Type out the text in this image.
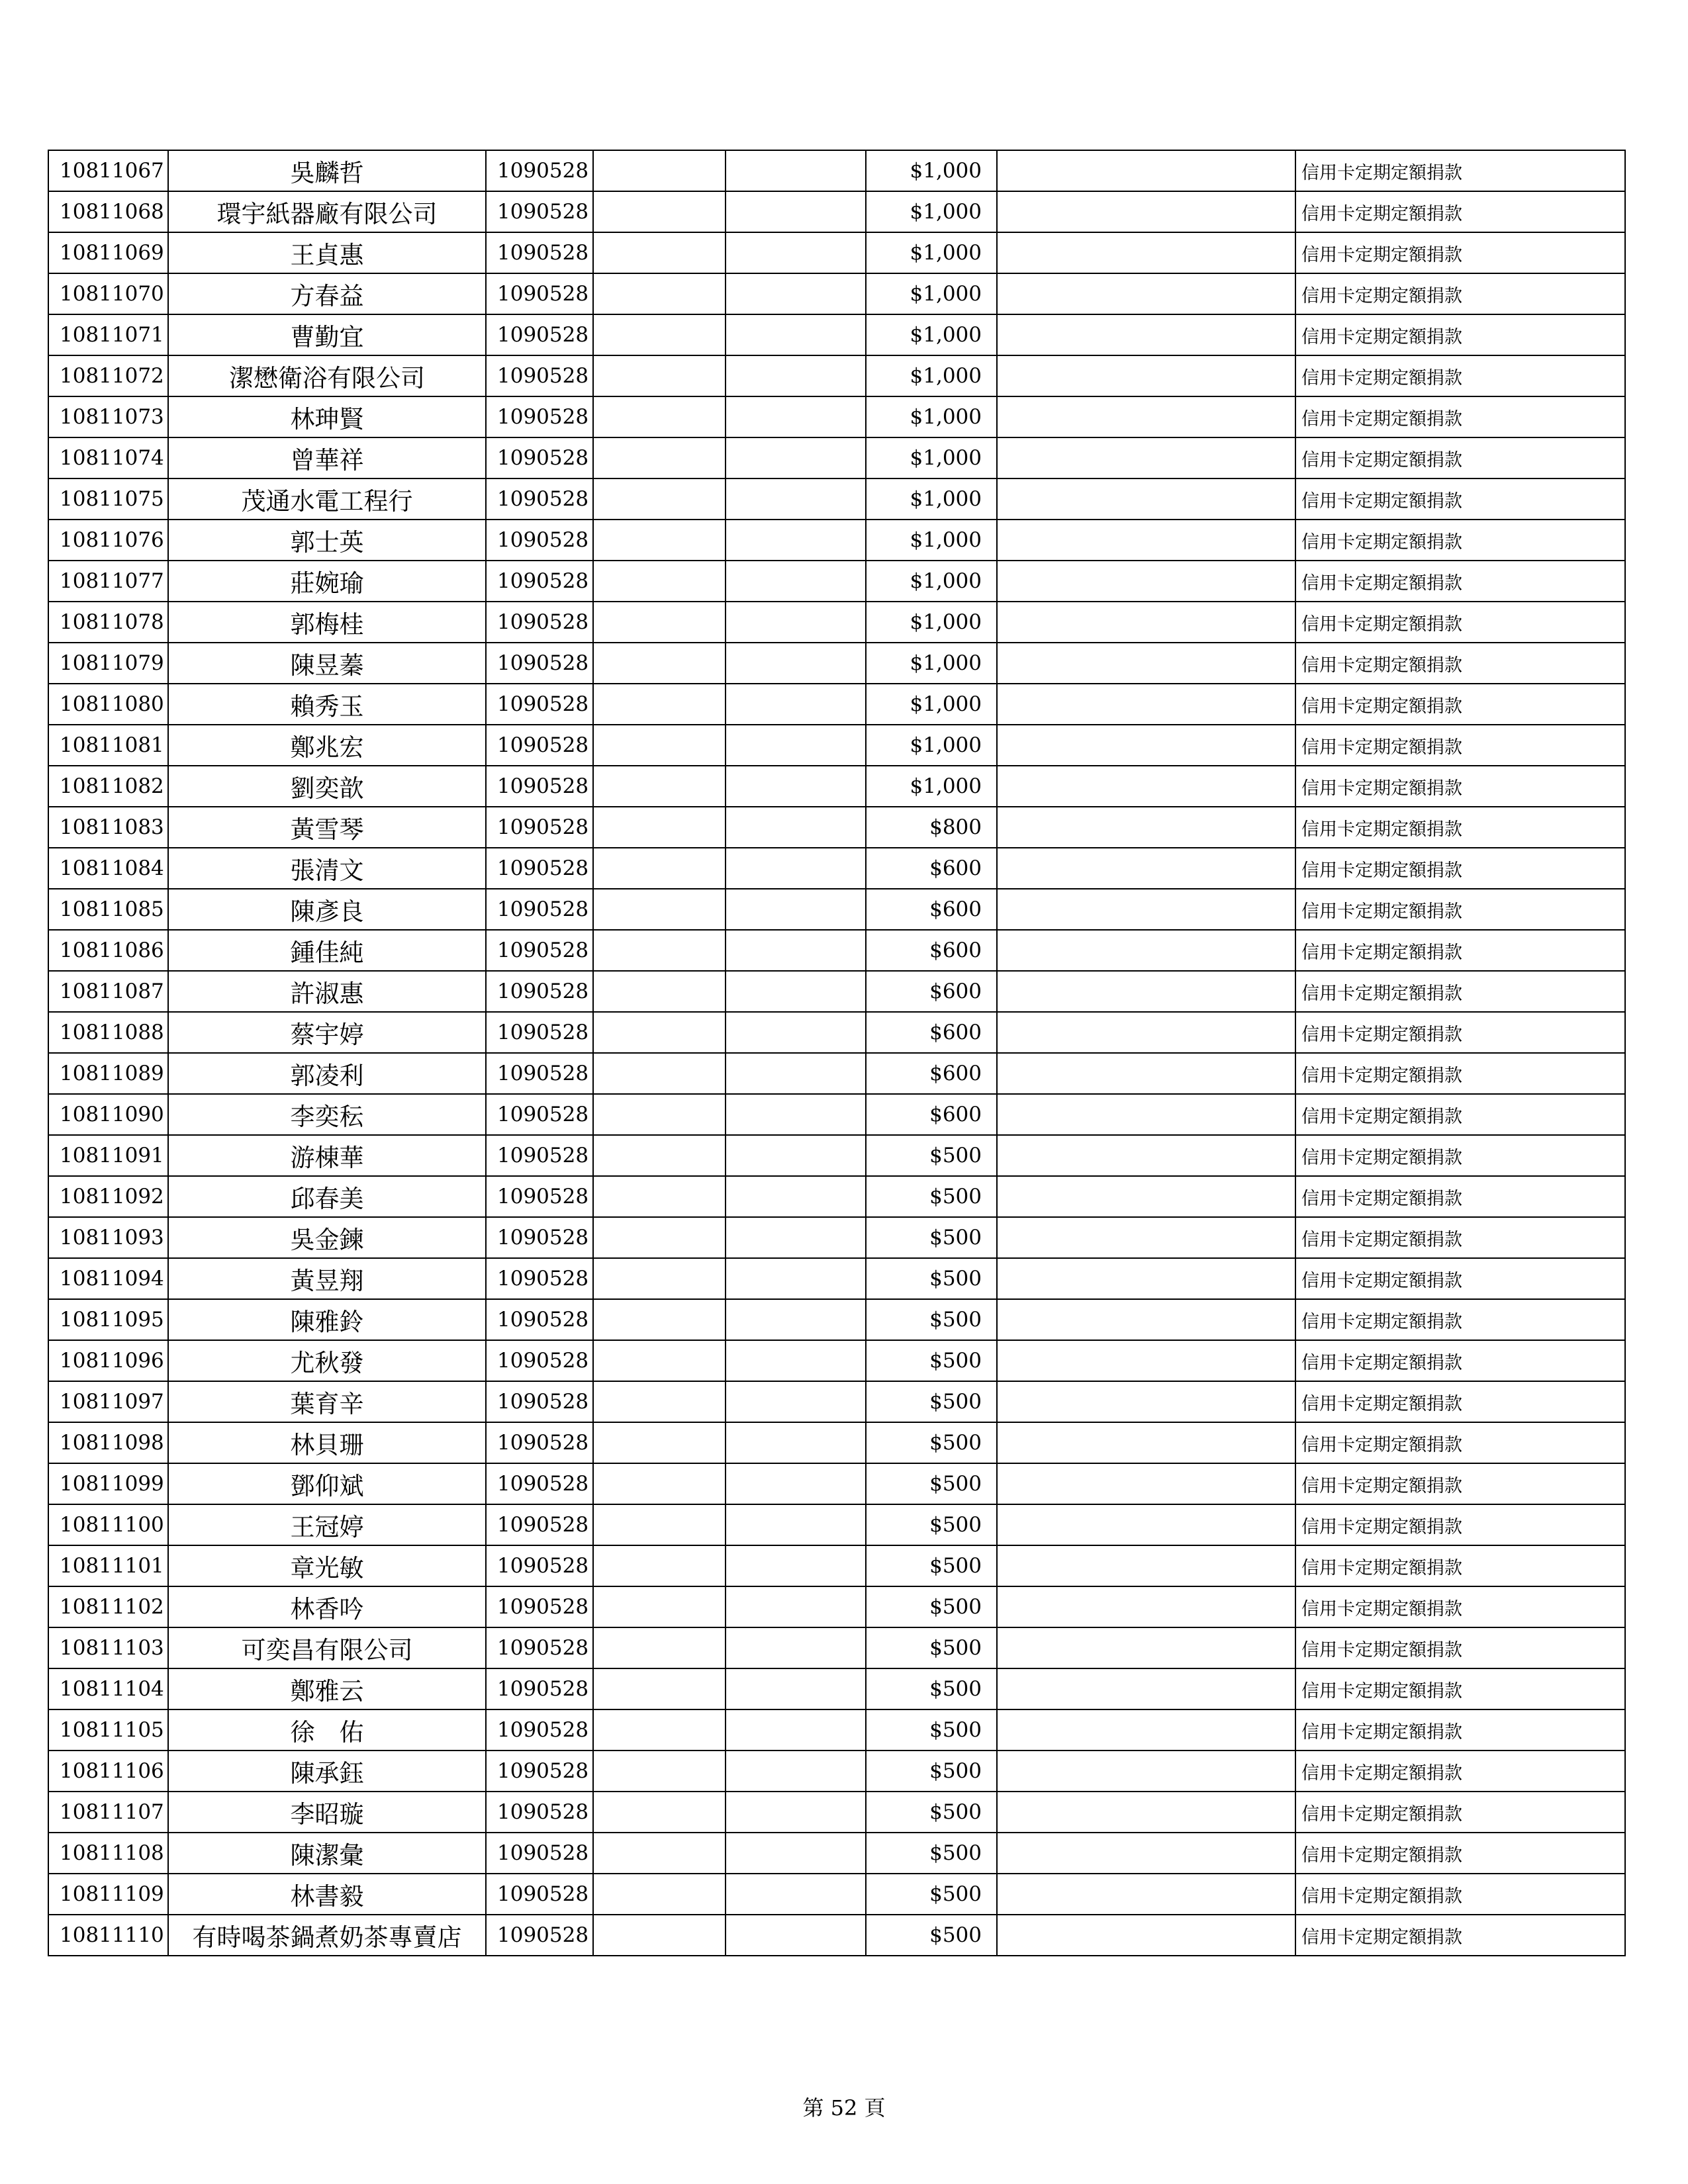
10811067	吳麟哲	1090528			$1,000		信用卡定期定額捐款
10811068	環宇紙器廠有限公司	1090528			$1,000		信用卡定期定額捐款
10811069	王貞惠	1090528			$1,000		信用卡定期定額捐款
10811070	方春益	1090528			$1,000		信用卡定期定額捐款
10811071	曹勤宜	1090528			$1,000		信用卡定期定額捐款
10811072	潔懋衛浴有限公司	1090528			$1,000		信用卡定期定額捐款
10811073	林珅賢	1090528			$1,000		信用卡定期定額捐款
10811074	曾華祥	1090528			$1,000		信用卡定期定額捐款
10811075	茂通水電工程行	1090528			$1,000		信用卡定期定額捐款
10811076	郭士英	1090528			$1,000		信用卡定期定額捐款
10811077	莊婉瑜	1090528			$1,000		信用卡定期定額捐款
10811078	郭梅桂	1090528			$1,000		信用卡定期定額捐款
10811079	陳昱蓁	1090528			$1,000		信用卡定期定額捐款
10811080	賴秀玉	1090528			$1,000		信用卡定期定額捐款
10811081	鄭兆宏	1090528			$1,000		信用卡定期定額捐款
10811082	劉奕歆	1090528			$1,000		信用卡定期定額捐款
10811083	黃雪琴	1090528			$800		信用卡定期定額捐款
10811084	張清文	1090528			$600		信用卡定期定額捐款
10811085	陳彥良	1090528			$600		信用卡定期定額捐款
10811086	鍾佳純	1090528			$600		信用卡定期定額捐款
10811087	許淑惠	1090528			$600		信用卡定期定額捐款
10811088	蔡宇婷	1090528			$600		信用卡定期定額捐款
10811089	郭凌利	1090528			$600		信用卡定期定額捐款
10811090	李奕秐	1090528			$600		信用卡定期定額捐款
10811091	游棟華	1090528			$500		信用卡定期定額捐款
10811092	邱春美	1090528			$500		信用卡定期定額捐款
10811093	吳金鍊	1090528			$500		信用卡定期定額捐款
10811094	黃昱翔	1090528			$500		信用卡定期定額捐款
10811095	陳雅鈴	1090528			$500		信用卡定期定額捐款
10811096	尤秋發	1090528			$500		信用卡定期定額捐款
10811097	葉育辛	1090528			$500		信用卡定期定額捐款
10811098	林貝珊	1090528			$500		信用卡定期定額捐款
10811099	鄧仰斌	1090528			$500		信用卡定期定額捐款
10811100	王冠婷	1090528			$500		信用卡定期定額捐款
10811101	章光敏	1090528			$500		信用卡定期定額捐款
10811102	林香吟	1090528			$500		信用卡定期定額捐款
10811103	可奕昌有限公司	1090528			$500		信用卡定期定額捐款
10811104	鄭雅云	1090528			$500		信用卡定期定額捐款
10811105	徐　佑	1090528			$500		信用卡定期定額捐款
10811106	陳承鈺	1090528			$500		信用卡定期定額捐款
10811107	李昭璇	1090528			$500		信用卡定期定額捐款
10811108	陳潔彙	1090528			$500		信用卡定期定額捐款
10811109	林書毅	1090528			$500		信用卡定期定額捐款
10811110	有時喝茶鍋煮奶茶專賣店	1090528			$500		信用卡定期定額捐款
第 52 頁
